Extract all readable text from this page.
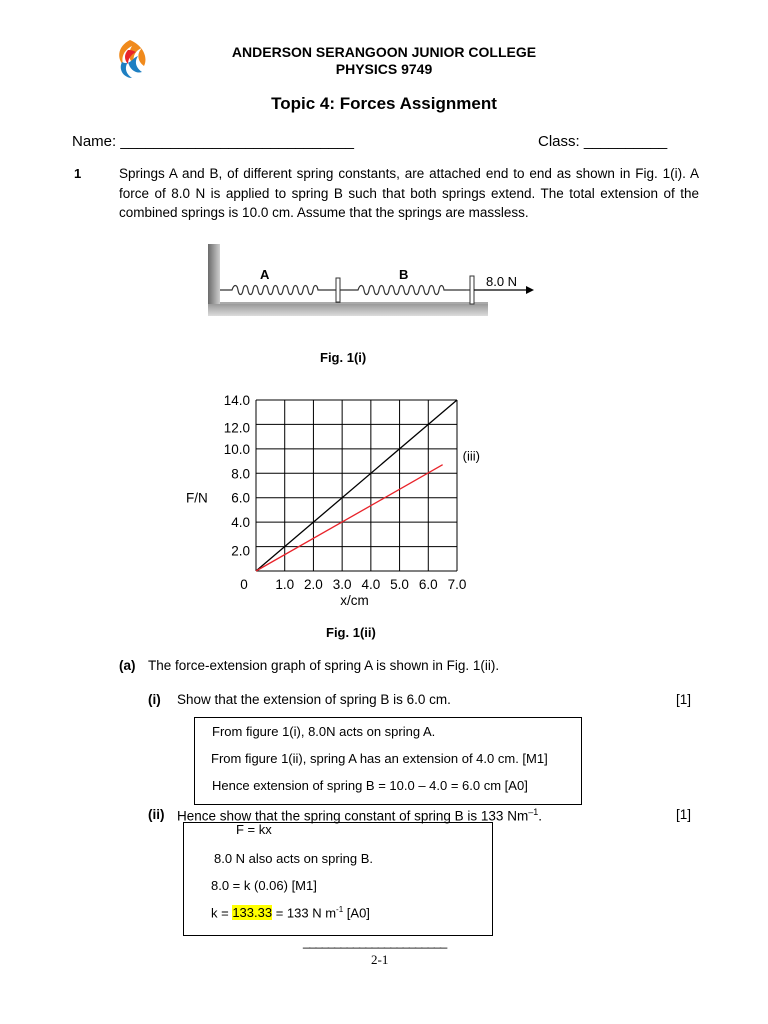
ANDERSON SERANGOON JUNIOR COLLEGE
PHYSICS 9749
Topic 4: Forces Assignment
Name: ____________________________	Class: __________
1	Springs A and B, of different spring constants, are attached end to end as shown in Fig. 1(i). A force of 8.0 N is applied to spring B such that both springs extend. The total extension of the combined springs is 10.0 cm. Assume that the springs are massless.
A	B	8.0 N
Fig. 1(i)
(iii)
0 1.0 2.0 3.0 4.0 5.0 6.0 7.0
2.0
4.0
6.0
8.0
10.0
12.0
14.0
F/N
x/cm
Fig. 1(ii)
(a) The force-extension graph of spring A is shown in Fig. 1(ii).
(i) Show that the extension of spring B is 6.0 cm.	[1]
From figure 1(i), 8.0N acts on spring A.
From figure 1(ii), spring A has an extension of 4.0 cm. [M1]
Hence extension of spring B = 10.0 – 4.0 = 6.0 cm [A0]
(ii) Hence show that the spring constant of spring B is 133 $Nm^{-1}$.	[1]
F = kx
8.0 N also acts on spring B.
8.0 = k (0.06) [M1]
k = 133.33 = 133 N $m^{-1}$ [A0]
_______________________
2-1
